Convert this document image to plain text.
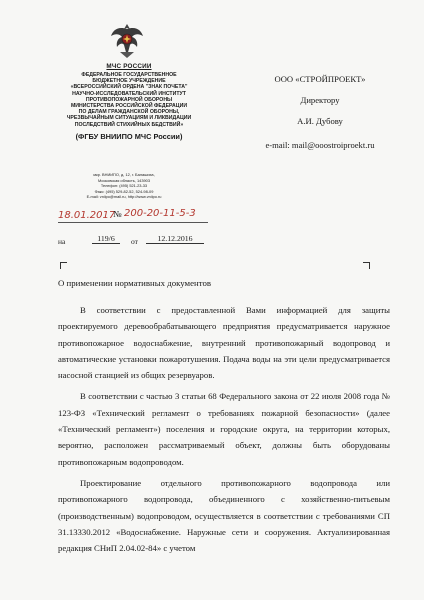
МЧС РОССИИ
ФЕДЕРАЛЬНОЕ ГОСУДАРСТВЕННОЕ
БЮДЖЕТНОЕ УЧРЕЖДЕНИЕ
«ВСЕРОССИЙСКИЙ ОРДЕНА "ЗНАК ПОЧЕТА"
НАУЧНО-ИССЛЕДОВАТЕЛЬСКИЙ ИНСТИТУТ
ПРОТИВОПОЖАРНОЙ ОБОРОНЫ
МИНИСТЕРСТВА РОССИЙСКОЙ ФЕДЕРАЦИИ
ПО ДЕЛАМ ГРАЖДАНСКОЙ ОБОРОНЫ,
ЧРЕЗВЫЧАЙНЫМ СИТУАЦИЯМ И ЛИКВИДАЦИИ
ПОСЛЕДСТВИЙ СТИХИЙНЫХ БЕДСТВИЙ»
(ФГБУ ВНИИПО МЧС России)
мкр. ВНИИПО, д. 12, г. Балашиха,
Московская область, 143903
Телефон: (495) 521-23-33
Факс: (495) 529-82-52, 524-98-09
E-mail: vniipo@mail.ru, http://www.vniipo.ru
18.01.2017
№ 200-20-11-5-3
на	119/6	от	12.12.2016
ООО «СТРОЙПРОЕКТ»
Директору
А.И. Дубову
e-mail: mail@ooostroiproekt.ru
О применении нормативных документов

В соответствии с предоставленной Вами информацией для защиты проектируемого деревообрабатывающего предприятия предусматривается наружное противопожарное водоснабжение, внутренний противопожарный водопровод и автоматические установки пожаротушения. Подача воды на эти цели предусматривается насосной станцией из общих резервуаров.

В соответствии с частью 3 статьи 68 Федерального закона от 22 июля 2008 года № 123-ФЗ «Технический регламент о требованиях пожарной безопасности» (далее «Технический регламент») поселения и городские округа, на территории которых, вероятно, расположен рассматриваемый объект, должны быть оборудованы противопожарным водопроводом.

Проектирование отдельного противопожарного водопровода или противопожарного водопровода, объединенного с хозяйственно-питьевым (производственным) водопроводом, осуществляется в соответствии с требованиями СП 31.13330.2012 «Водоснабжение. Наружные сети и сооружения. Актуализированная редакция СНиП 2.04.02-84» с учетом
